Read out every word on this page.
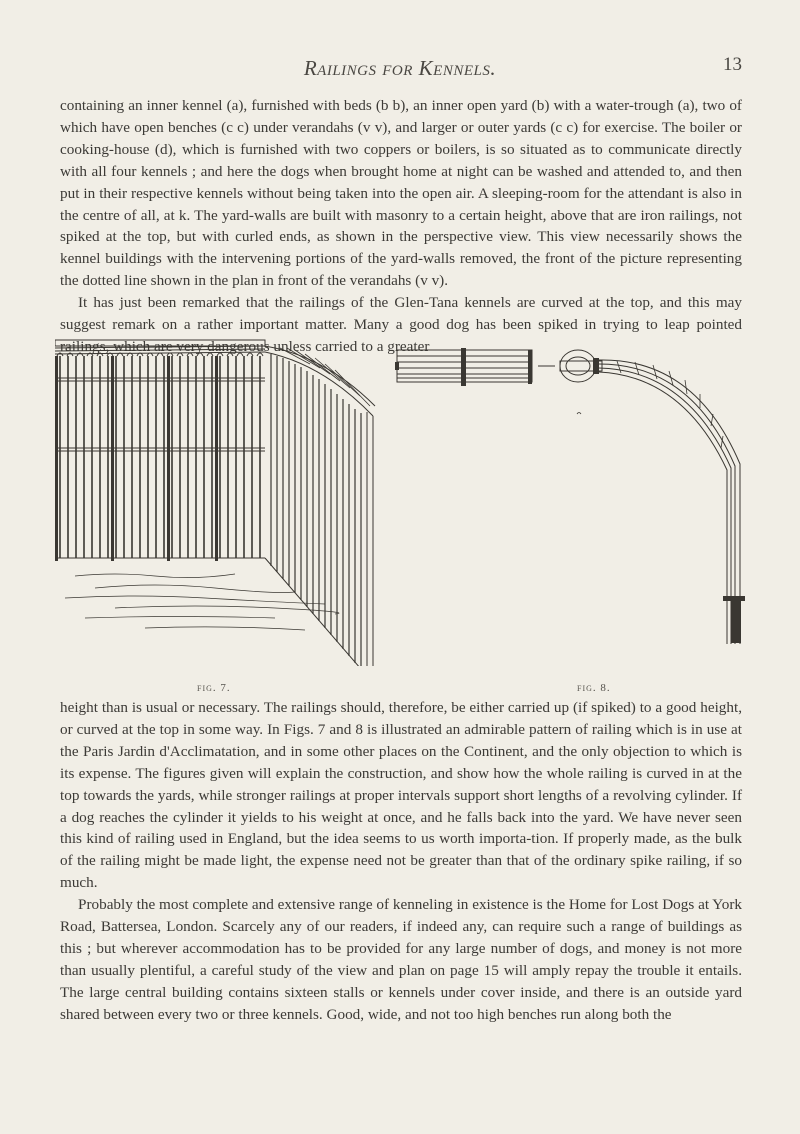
Railings for Kennels.	13

containing an inner kennel (a), furnished with beds (b b), an inner open yard (b) with a water-trough (a), two of which have open benches (c c) under verandahs (v v), and larger or outer yards (c c) for exercise. The boiler or cooking-house (d), which is furnished with two coppers or boilers, is so situated as to communicate directly with all four kennels ; and here the dogs when brought home at night can be washed and attended to, and then put in their respective kennels without being taken into the open air. A sleeping-room for the attendant is also in the centre of all, at k. The yard-walls are built with masonry to a certain height, above that are iron railings, not spiked at the top, but with curled ends, as shown in the perspective view. This view necessarily shows the kennel buildings with the intervening portions of the yard-walls removed, the front of the picture representing the dotted line shown in the plan in front of the verandahs (v v).

It has just been remarked that the railings of the Glen-Tana kennels are curved at the top, and this may suggest remark on a rather important matter. Many a good dog has been spiked in trying to leap pointed railings, which are very dangerous unless carried to a greater

fig. 7.	fig. 8.

height than is usual or necessary. The railings should, therefore, be either carried up (if spiked) to a good height, or curved at the top in some way. In Figs. 7 and 8 is illustrated an admirable pattern of railing which is in use at the Paris Jardin d'Acclimatation, and in some other places on the Continent, and the only objection to which is its expense. The figures given will explain the construction, and show how the whole railing is curved in at the top towards the yards, while stronger railings at proper intervals support short lengths of a revolving cylinder. If a dog reaches the cylinder it yields to his weight at once, and he falls back into the yard. We have never seen this kind of railing used in England, but the idea seems to us worth importa-tion. If properly made, as the bulk of the railing might be made light, the expense need not be greater than that of the ordinary spike railing, if so much.

Probably the most complete and extensive range of kenneling in existence is the Home for Lost Dogs at York Road, Battersea, London. Scarcely any of our readers, if indeed any, can require such a range of buildings as this ; but wherever accommodation has to be provided for any large number of dogs, and money is not more than usually plentiful, a careful study of the view and plan on page 15 will amply repay the trouble it entails. The large central building contains sixteen stalls or kennels under cover inside, and there is an outside yard shared between every two or three kennels. Good, wide, and not too high benches run along both the
